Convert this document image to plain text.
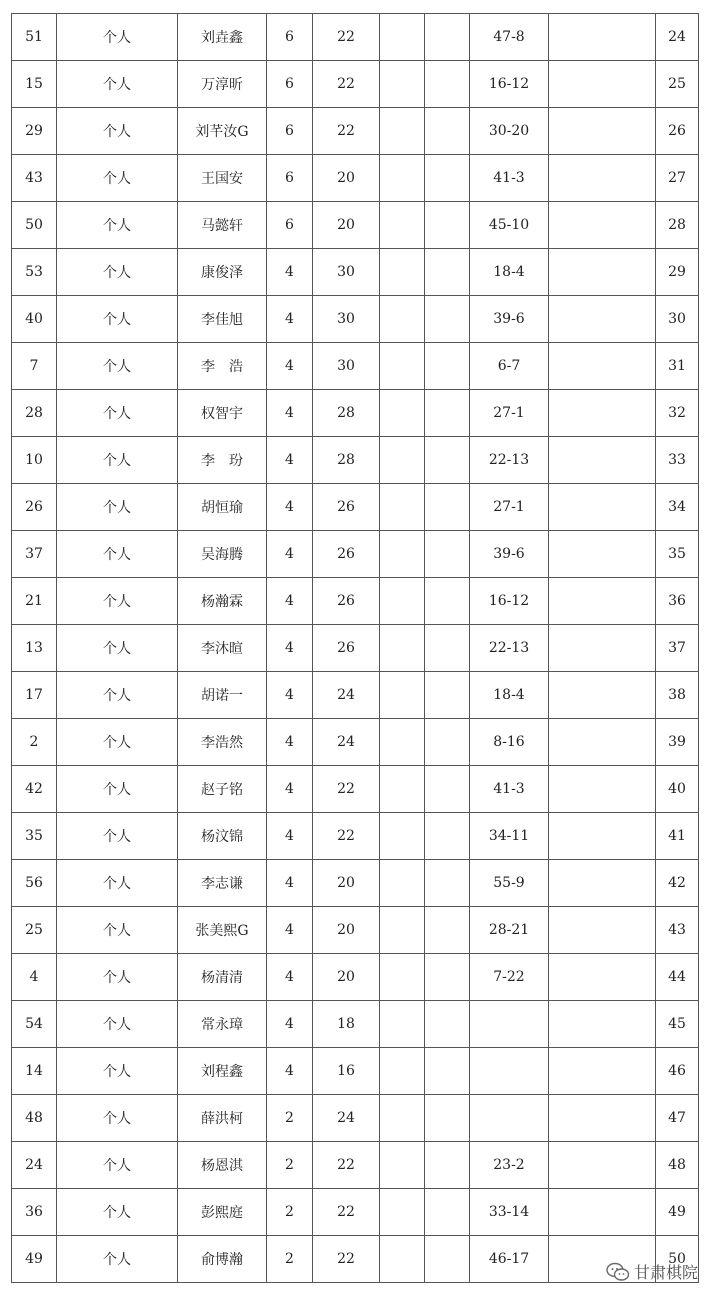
51	个人	刘垚鑫	6	22			47-8		24
15	个人	万淳昕	6	22			16-12		25
29	个人	刘芊汝G	6	22			30-20		26
43	个人	王国安	6	20			41-3		27
50	个人	马懿轩	6	20			45-10		28
53	个人	康俊泽	4	30			18-4		29
40	个人	李佳旭	4	30			39-6		30
7	个人	李　浩	4	30			6-7		31
28	个人	权智宇	4	28			27-1		32
10	个人	李　玢	4	28			22-13		33
26	个人	胡恒瑜	4	26			27-1		34
37	个人	吴海腾	4	26			39-6		35
21	个人	杨瀚霖	4	26			16-12		36
13	个人	李沐暄	4	26			22-13		37
17	个人	胡诺一	4	24			18-4		38
2	个人	李浩然	4	24			8-16		39
42	个人	赵子铭	4	22			41-3		40
35	个人	杨汶锦	4	22			34-11		41
56	个人	李志谦	4	20			55-9		42
25	个人	张美熙G	4	20			28-21		43
4	个人	杨清清	4	20			7-22		44
54	个人	常永璋	4	18					45
14	个人	刘程鑫	4	16					46
48	个人	薛洪柯	2	24					47
24	个人	杨恩淇	2	22			23-2		48
36	个人	彭熙庭	2	22			33-14		49
49	个人	俞博瀚	2	22			46-17		50
甘肃棋院
